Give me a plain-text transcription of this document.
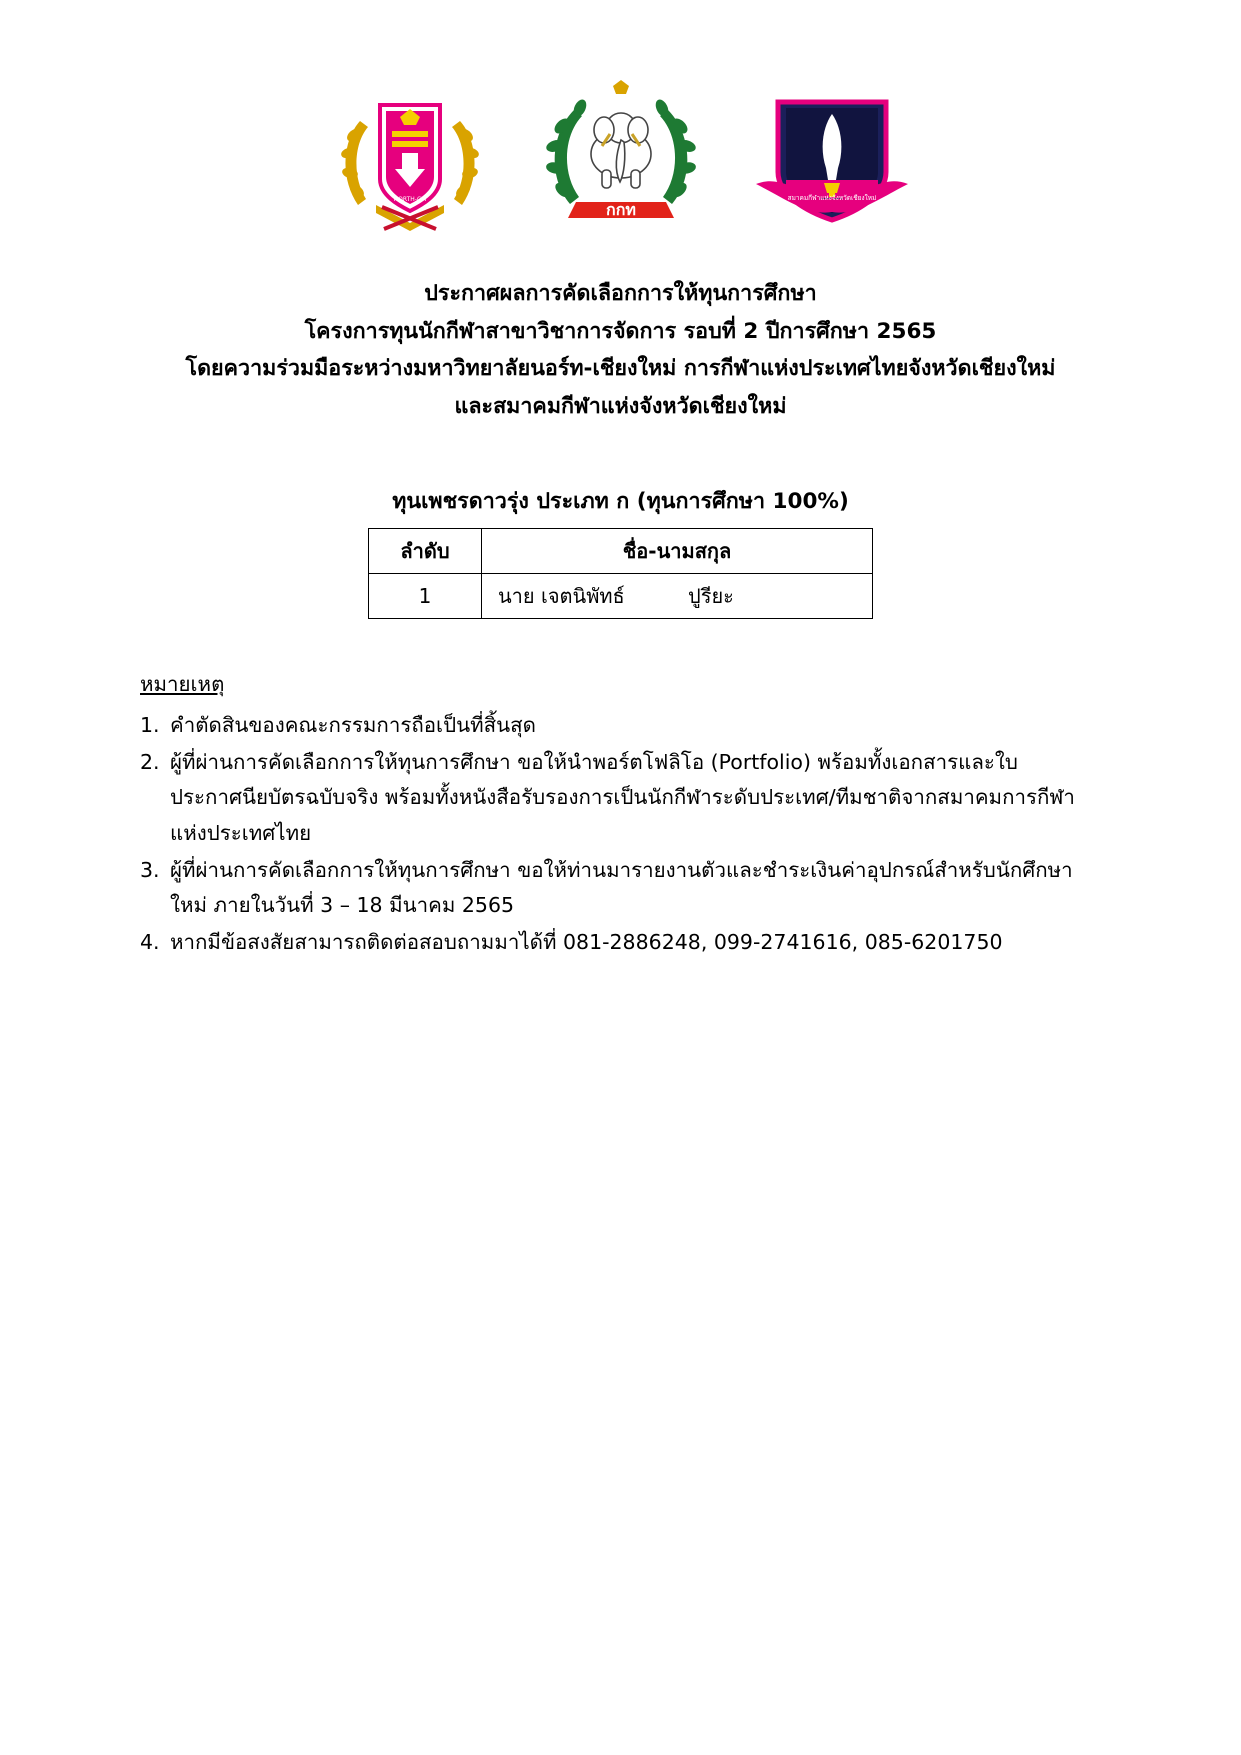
NORTH-CM
กกท
สมาคมกีฬาแห่งจังหวัดเชียงใหม่
ประกาศผลการคัดเลือกการให้ทุนการศึกษา
โครงการทุนนักกีฬาสาขาวิชาการจัดการ รอบที่ 2 ปีการศึกษา 2565
โดยความร่วมมือระหว่างมหาวิทยาลัยนอร์ท-เชียงใหม่ การกีฬาแห่งประเทศไทยจังหวัดเชียงใหม่
และสมาคมกีฬาแห่งจังหวัดเชียงใหม่
ทุนเพชรดาวรุ่ง ประเภท ก (ทุนการศึกษา 100%)
ลำดับ	ชื่อ-นามสกุล
1	นาย เจตนิพัทธ์ ปูรียะ
หมายเหตุ
1. คำตัดสินของคณะกรรมการถือเป็นที่สิ้นสุด
2. ผู้ที่ผ่านการคัดเลือกการให้ทุนการศึกษา ขอให้นำพอร์ตโฟลิโอ (Portfolio) พร้อมทั้งเอกสารและใบประกาศนียบัตรฉบับจริง พร้อมทั้งหนังสือรับรองการเป็นนักกีฬาระดับประเทศ/ทีมชาติจากสมาคมการกีฬาแห่งประเทศไทย
3. ผู้ที่ผ่านการคัดเลือกการให้ทุนการศึกษา ขอให้ท่านมารายงานตัวและชำระเงินค่าอุปกรณ์สำหรับนักศึกษาใหม่ ภายในวันที่ 3 – 18 มีนาคม 2565
4. หากมีข้อสงสัยสามารถติดต่อสอบถามมาได้ที่ 081-2886248, 099-2741616, 085-6201750
